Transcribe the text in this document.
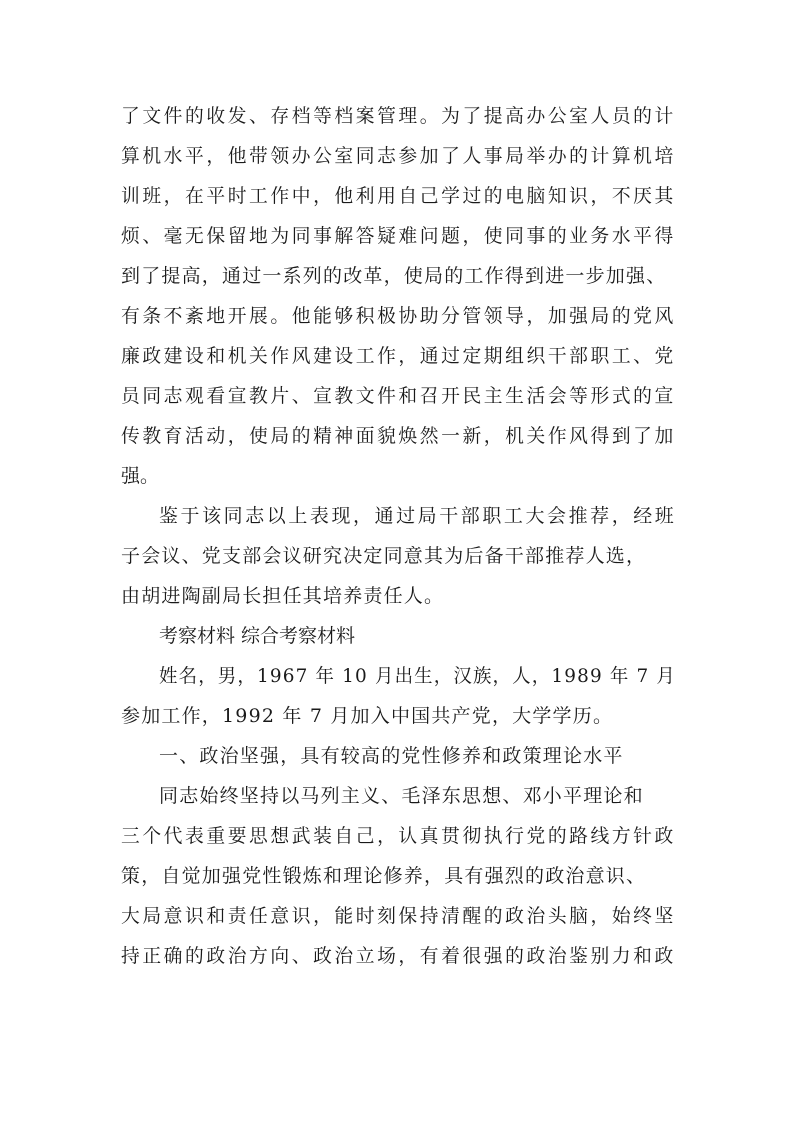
了文件的收发、存档等档案管理。为了提高办公室人员的计
算机水平，他带领办公室同志参加了人事局举办的计算机培
训班，在平时工作中，他利用自己学过的电脑知识，不厌其
烦、毫无保留地为同事解答疑难问题，使同事的业务水平得
到了提高，通过一系列的改革，使局的工作得到进一步加强、
有条不紊地开展。他能够积极协助分管领导，加强局的党风
廉政建设和机关作风建设工作，通过定期组织干部职工、党
员同志观看宣教片、宣教文件和召开民主生活会等形式的宣
传教育活动，使局的精神面貌焕然一新，机关作风得到了加
强。
鉴于该同志以上表现，通过局干部职工大会推荐，经班
子会议、党支部会议研究决定同意其为后备干部推荐人选，
由胡进陶副局长担任其培养责任人。
考察材料 综合考察材料
姓名，男，1967 年 10 月出生，汉族，人，1989 年 7 月
参加工作，1992 年 7 月加入中国共产党，大学学历。
一、政治坚强，具有较高的党性修养和政策理论水平
同志始终坚持以马列主义、毛泽东思想、邓小平理论和
三个代表重要思想武装自己，认真贯彻执行党的路线方针政
策，自觉加强党性锻炼和理论修养，具有强烈的政治意识、
大局意识和责任意识，能时刻保持清醒的政治头脑，始终坚
持正确的政治方向、政治立场，有着很强的政治鉴别力和政
